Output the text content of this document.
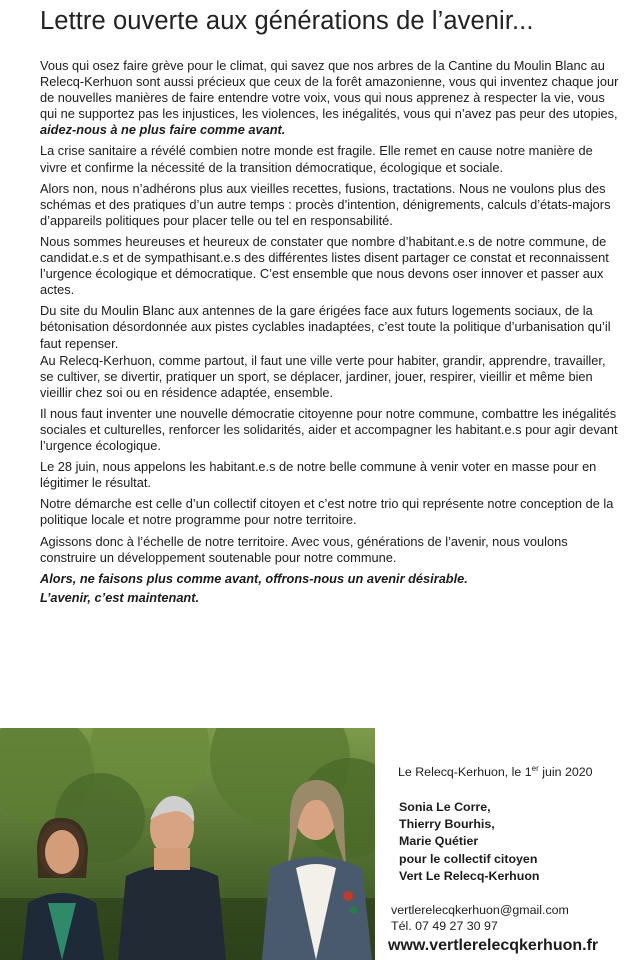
Lettre ouverte aux générations de l’avenir...

Vous qui osez faire grève pour le climat, qui savez que nos arbres de la Cantine du Moulin Blanc au Relecq-Kerhuon sont aussi précieux que ceux de la forêt amazonienne, vous qui inventez chaque jour de nouvelles manières de faire entendre votre voix, vous qui nous apprenez à respecter la vie, vous qui ne supportez pas les injustices, les violences, les inégalités, vous qui n’avez pas peur des utopies, aidez-nous à ne plus faire comme avant.

La crise sanitaire a révélé combien notre monde est fragile. Elle remet en cause notre manière de vivre et confirme la nécessité de la transition démocratique, écologique et sociale.

Alors non, nous n’adhérons plus aux vieilles recettes, fusions, tractations. Nous ne voulons plus des schémas et des pratiques d’un autre temps : procès d’intention, dénigrements, calculs d’états-majors d’appareils politiques pour placer telle ou tel en responsabilité.

Nous sommes heureuses et heureux de constater que nombre d’habitant.e.s de notre commune, de candidat.e.s et de sympathisant.e.s des différentes listes disent partager ce constat et reconnaissent l’urgence écologique et démocratique. C’est ensemble que nous devons oser innover et passer aux actes.

Du site du Moulin Blanc aux antennes de la gare érigées face aux futurs logements sociaux, de la bétonisation désordonnée aux pistes cyclables inadaptées, c’est toute la politique d’urbanisation qu’il faut repenser.

Au Relecq-Kerhuon, comme partout, il faut une ville verte pour habiter, grandir, apprendre, travailler, se cultiver, se divertir, pratiquer un sport, se déplacer, jardiner, jouer, respirer, vieillir et même bien vieillir chez soi ou en résidence adaptée, ensemble.

Il nous faut inventer une nouvelle démocratie citoyenne pour notre commune, combattre les inégalités sociales et culturelles, renforcer les solidarités, aider et accompagner les habitant.e.s pour agir devant l’urgence écologique.

Le 28 juin, nous appelons les habitant.e.s de notre belle commune à venir voter en masse pour en légitimer le résultat.

Notre démarche est celle d’un collectif citoyen et c’est notre trio qui représente notre conception de la politique locale et notre programme pour notre territoire.

Agissons donc à l’échelle de notre territoire. Avec vous, générations de l’avenir, nous voulons construire un développement soutenable pour notre commune.

Alors, ne faisons plus comme avant, offrons-nous un avenir désirable.

L’avenir, c’est maintenant.

Le Relecq-Kerhuon, le 1er juin 2020
Sonia Le Corre,
Thierry Bourhis,
Marie Quétier
pour le collectif citoyen
Vert Le Relecq-Kerhuon
vertlerelecqkerhuon@gmail.com
Tél. 07 49 27 30 97
www.vertlerelecqkerhuon.fr
